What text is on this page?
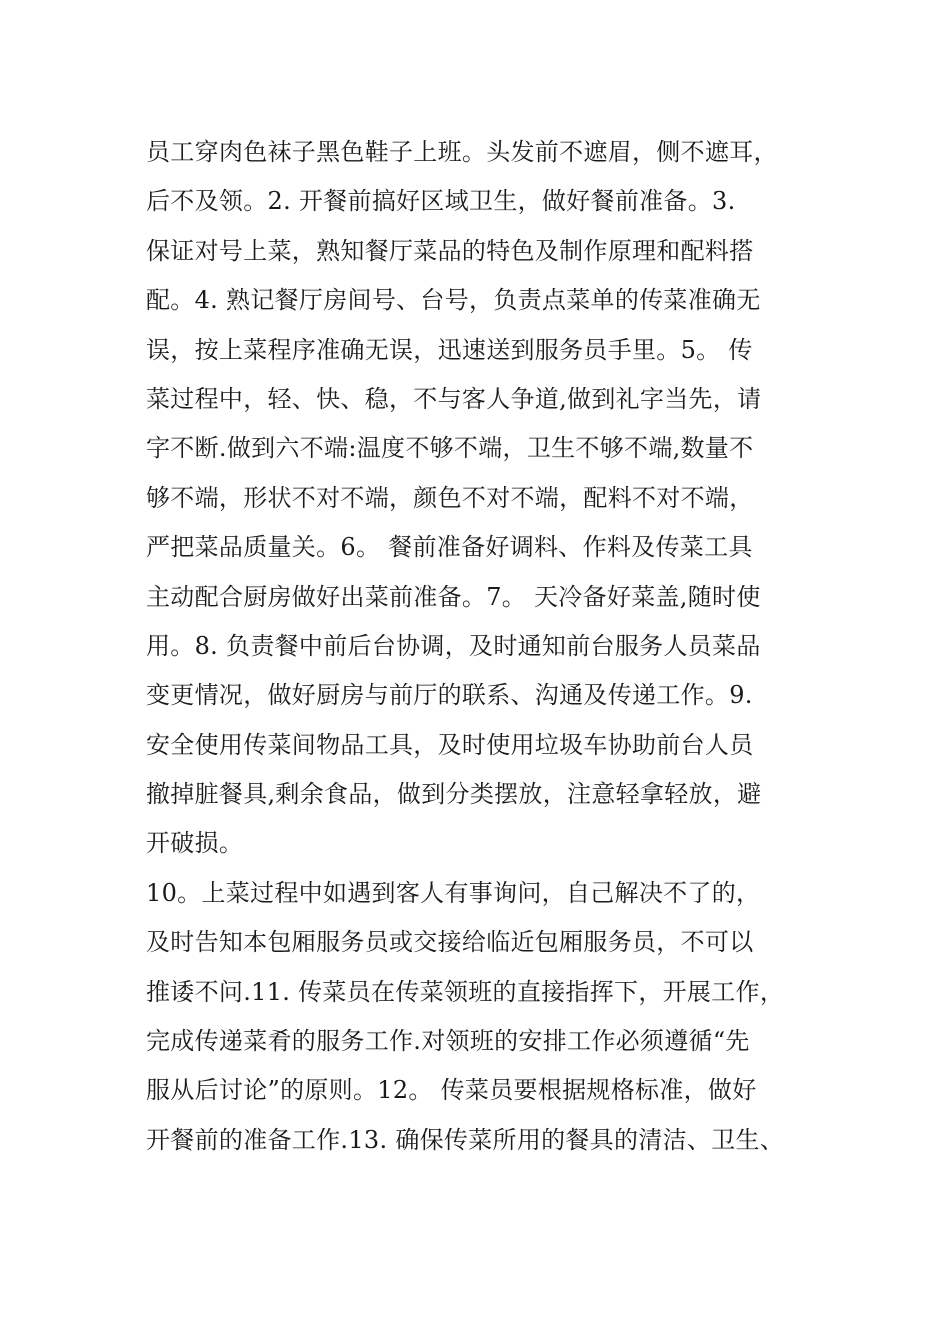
员工穿肉色袜子黑色鞋子上班。头发前不遮眉，侧不遮耳，
后不及领。2. 开餐前搞好区域卫生，做好餐前准备。3.
保证对号上菜，熟知餐厅菜品的特色及制作原理和配料搭
配。4. 熟记餐厅房间号、台号，负责点菜单的传菜准确无
误，按上菜程序准确无误，迅速送到服务员手里。5。 传
菜过程中，轻、快、稳，不与客人争道,做到礼字当先，请
字不断.做到六不端:温度不够不端，卫生不够不端,数量不
够不端，形状不对不端，颜色不对不端，配料不对不端，
严把菜品质量关。6。 餐前准备好调料、作料及传菜工具
主动配合厨房做好出菜前准备。7。 天冷备好菜盖,随时使
用。8. 负责餐中前后台协调，及时通知前台服务人员菜品
变更情况，做好厨房与前厅的联系、沟通及传递工作。9.
安全使用传菜间物品工具，及时使用垃圾车协助前台人员
撤掉脏餐具,剩余食品，做到分类摆放，注意轻拿轻放，避
开破损。
10。上菜过程中如遇到客人有事询问，自己解决不了的，
及时告知本包厢服务员或交接给临近包厢服务员，不可以
推诿不问.11. 传菜员在传菜领班的直接指挥下，开展工作，
完成传递菜肴的服务工作.对领班的安排工作必须遵循“先
服从后讨论”的原则。12。 传菜员要根据规格标准，做好
开餐前的准备工作.13. 确保传菜所用的餐具的清洁、卫生、
